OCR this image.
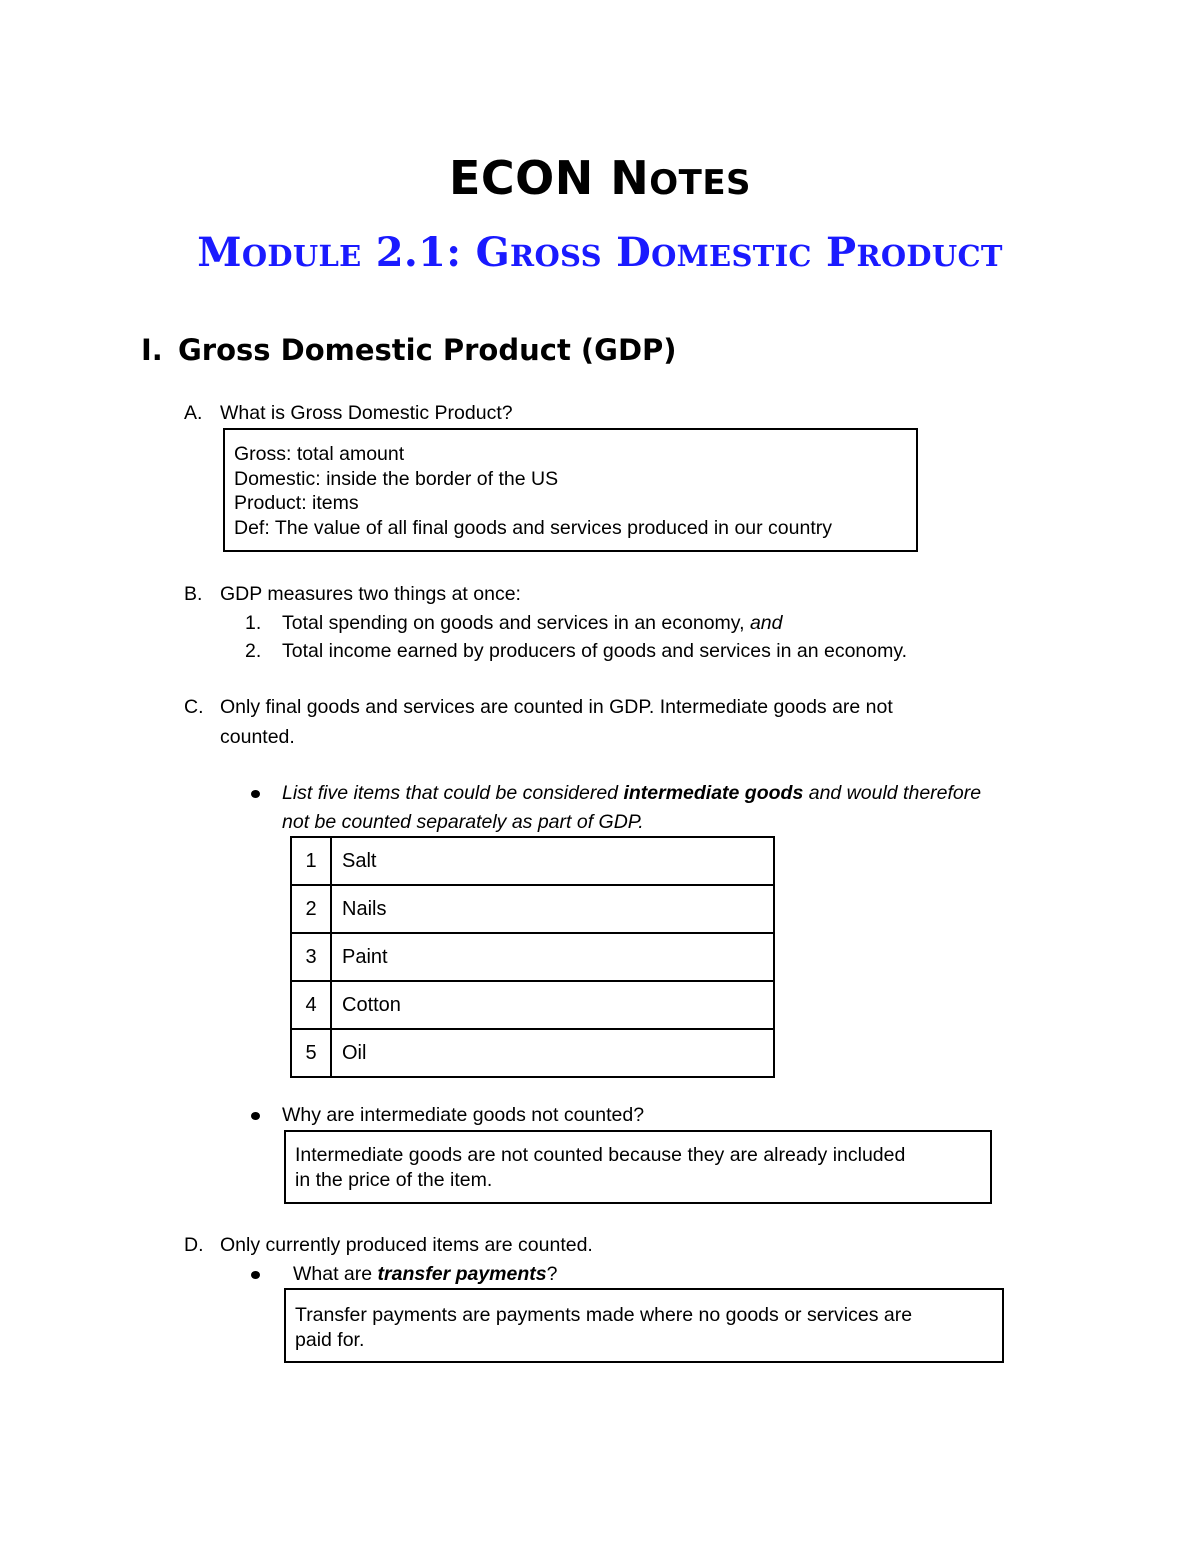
ECON NOTES
MODULE 2.1: GROSS DOMESTIC PRODUCT
I. Gross Domestic Product (GDP)
A. What is Gross Domestic Product?
Gross: total amount
Domestic: inside the border of the US
Product: items
Def: The value of all final goods and services produced in our country
B. GDP measures two things at once:
1.	Total spending on goods and services in an economy, and
2.	Total income earned by producers of goods and services in an economy.
C. Only final goods and services are counted in GDP. Intermediate goods are not
counted.
List five items that could be considered intermediate goods and would therefore
not be counted separately as part of GDP.
1	Salt
2	Nails
3	Paint
4	Cotton
5	Oil
Why are intermediate goods not counted?
Intermediate goods are not counted because they are already included
in the price of the item.
D. Only currently produced items are counted.
What are transfer payments?
Transfer payments are payments made where no goods or services are
paid for.
